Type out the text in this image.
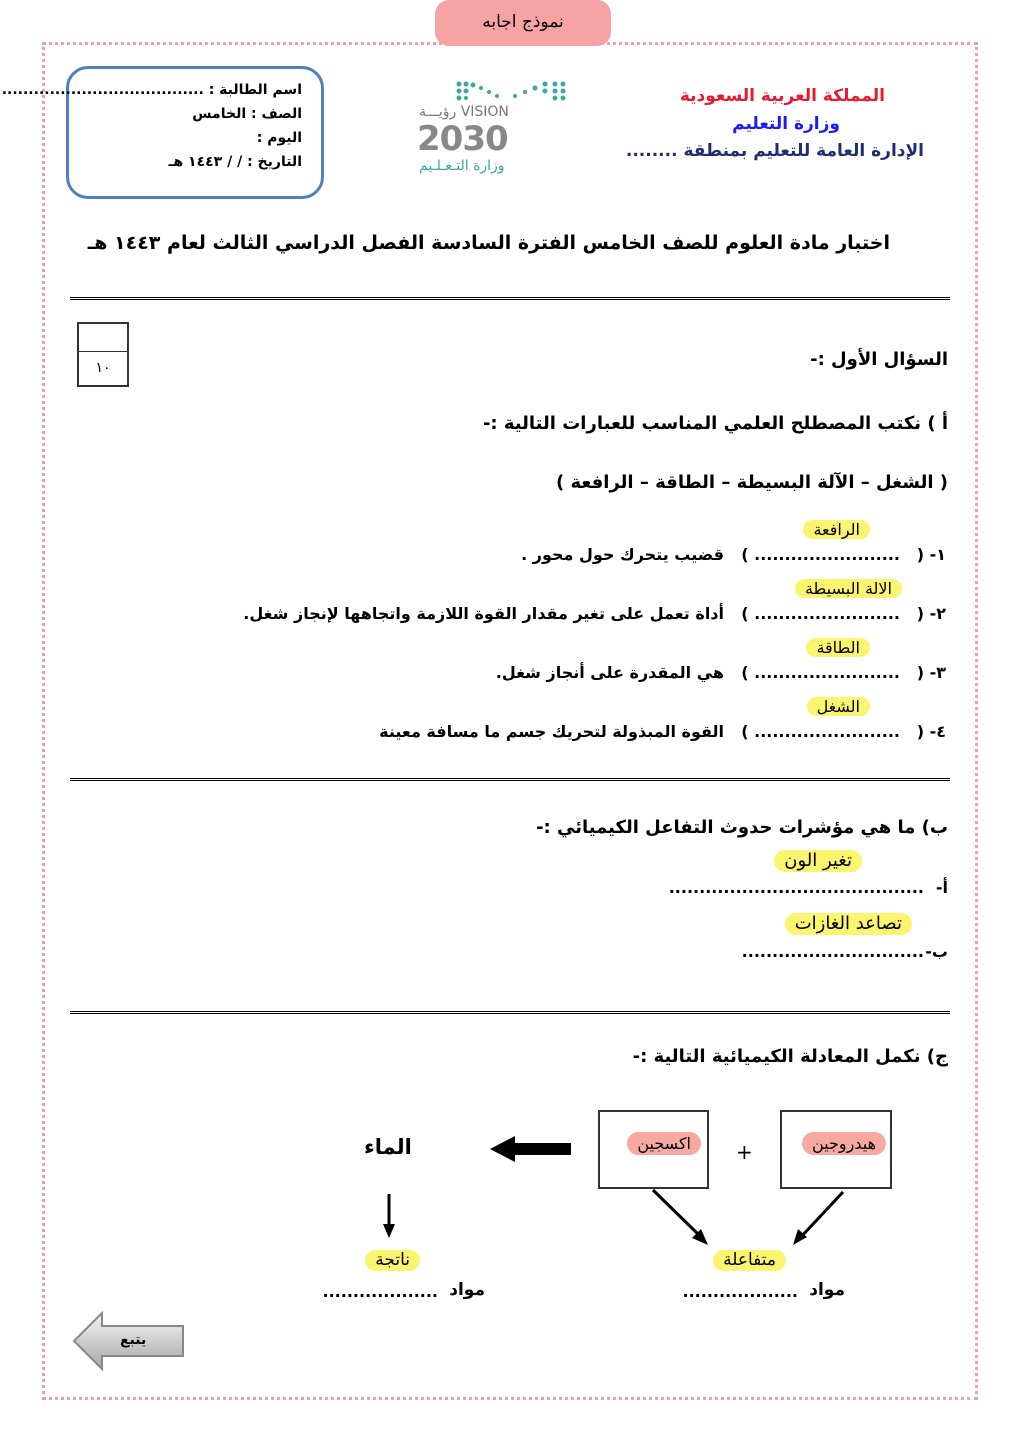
نموذج اجابه
المملكة العربية السعودية
وزارة التعليم
الإدارة العامة للتعليم بمنطقة ........
VISION رؤيـــة
2030
وزارة التـعـلـيم
اسم الطالبة : ......................................
الصف : الخامس
اليوم :
التاريخ : / / ١٤٤٣ هـ
اختبار مادة العلوم للصف الخامس الفترة السادسة الفصل الدراسي الثالث لعام ١٤٤٣ هـ
١٠	السؤال الأول :-
أ ) نكتب المصطلح العلمي المناسب للعبارات التالية :-
( الشغل – الآلة البسيطة – الطاقة – الرافعة )
١- (
........................ )
قضيب يتحرك حول محور .
الرافعة
٢- (
........................ )
أداة تعمل على تغير مقدار القوة اللازمة واتجاهها لإنجاز شغل.
الالة البسيطة
٣- (
........................ )
هي المقدرة على أنجاز شغل.
الطاقة
٤- (
........................ )
القوة المبذولة لتحريك جسم ما مسافة معينة
الشغل
ب) ما هي مؤشرات حدوث التفاعل الكيميائي :-
تغير الون
أ-
..........................................
تصاعد الغازات
ب-
..............................
ج) نكمل المعادلة الكيميائية التالية :-
هيدروجين
+
اكسجين
الماء
متفاعلة
مواد
...................
ناتجة
مواد
...................
يتبع
